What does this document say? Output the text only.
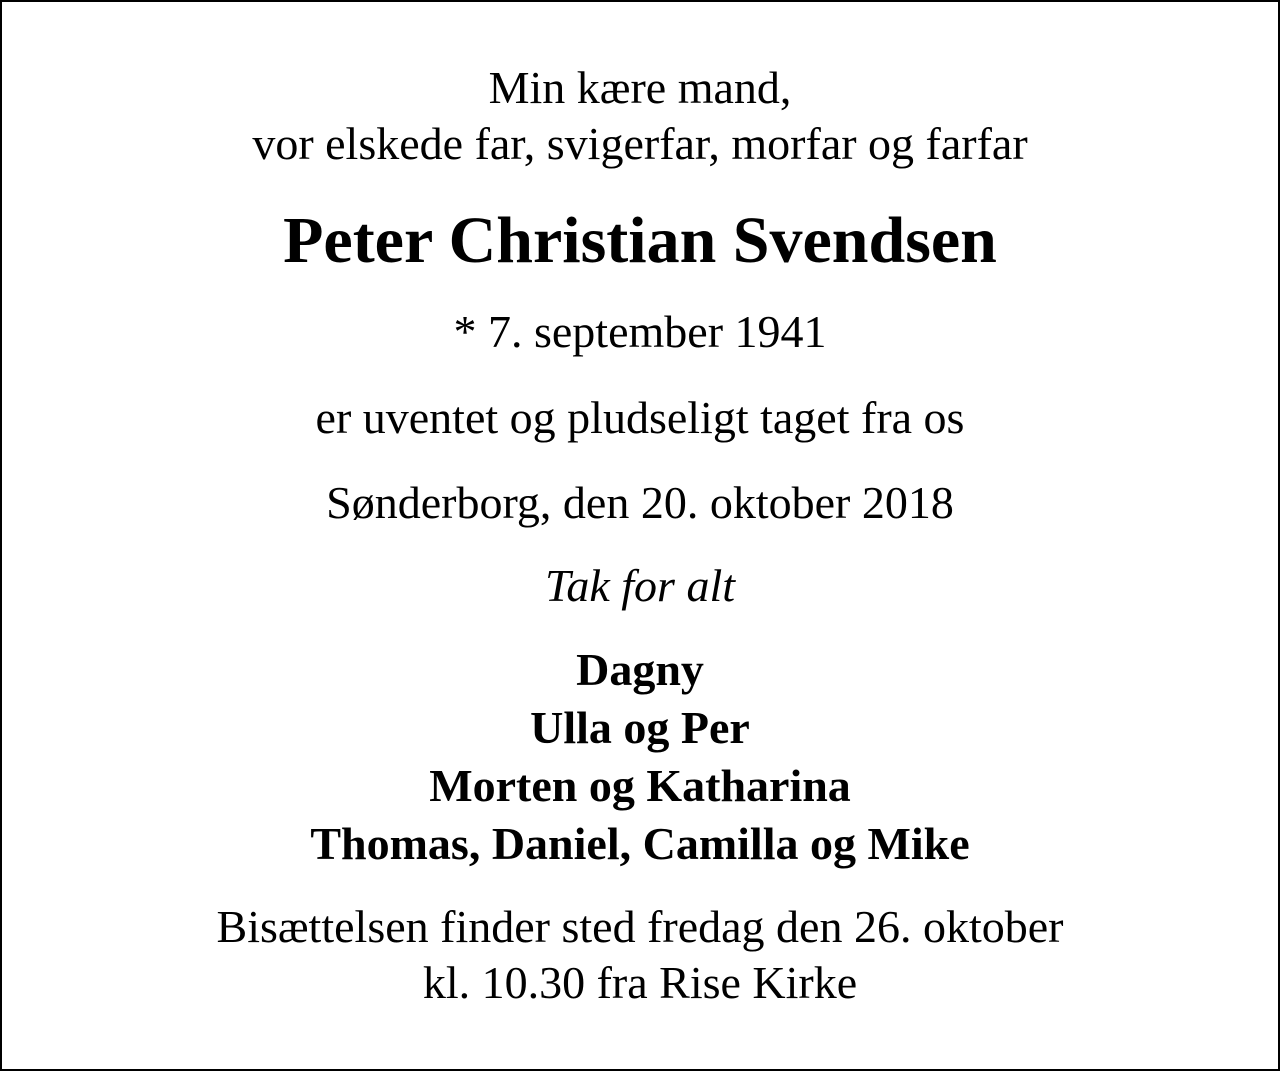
Min kære mand,
vor elskede far, svigerfar, morfar og farfar
Peter Christian Svendsen
* 7. september 1941
er uventet og pludseligt taget fra os
Sønderborg, den 20. oktober 2018
Tak for alt
Dagny
Ulla og Per
Morten og Katharina
Thomas, Daniel, Camilla og Mike
Bisættelsen finder sted fredag den 26. oktober
kl. 10.30 fra Rise Kirke
